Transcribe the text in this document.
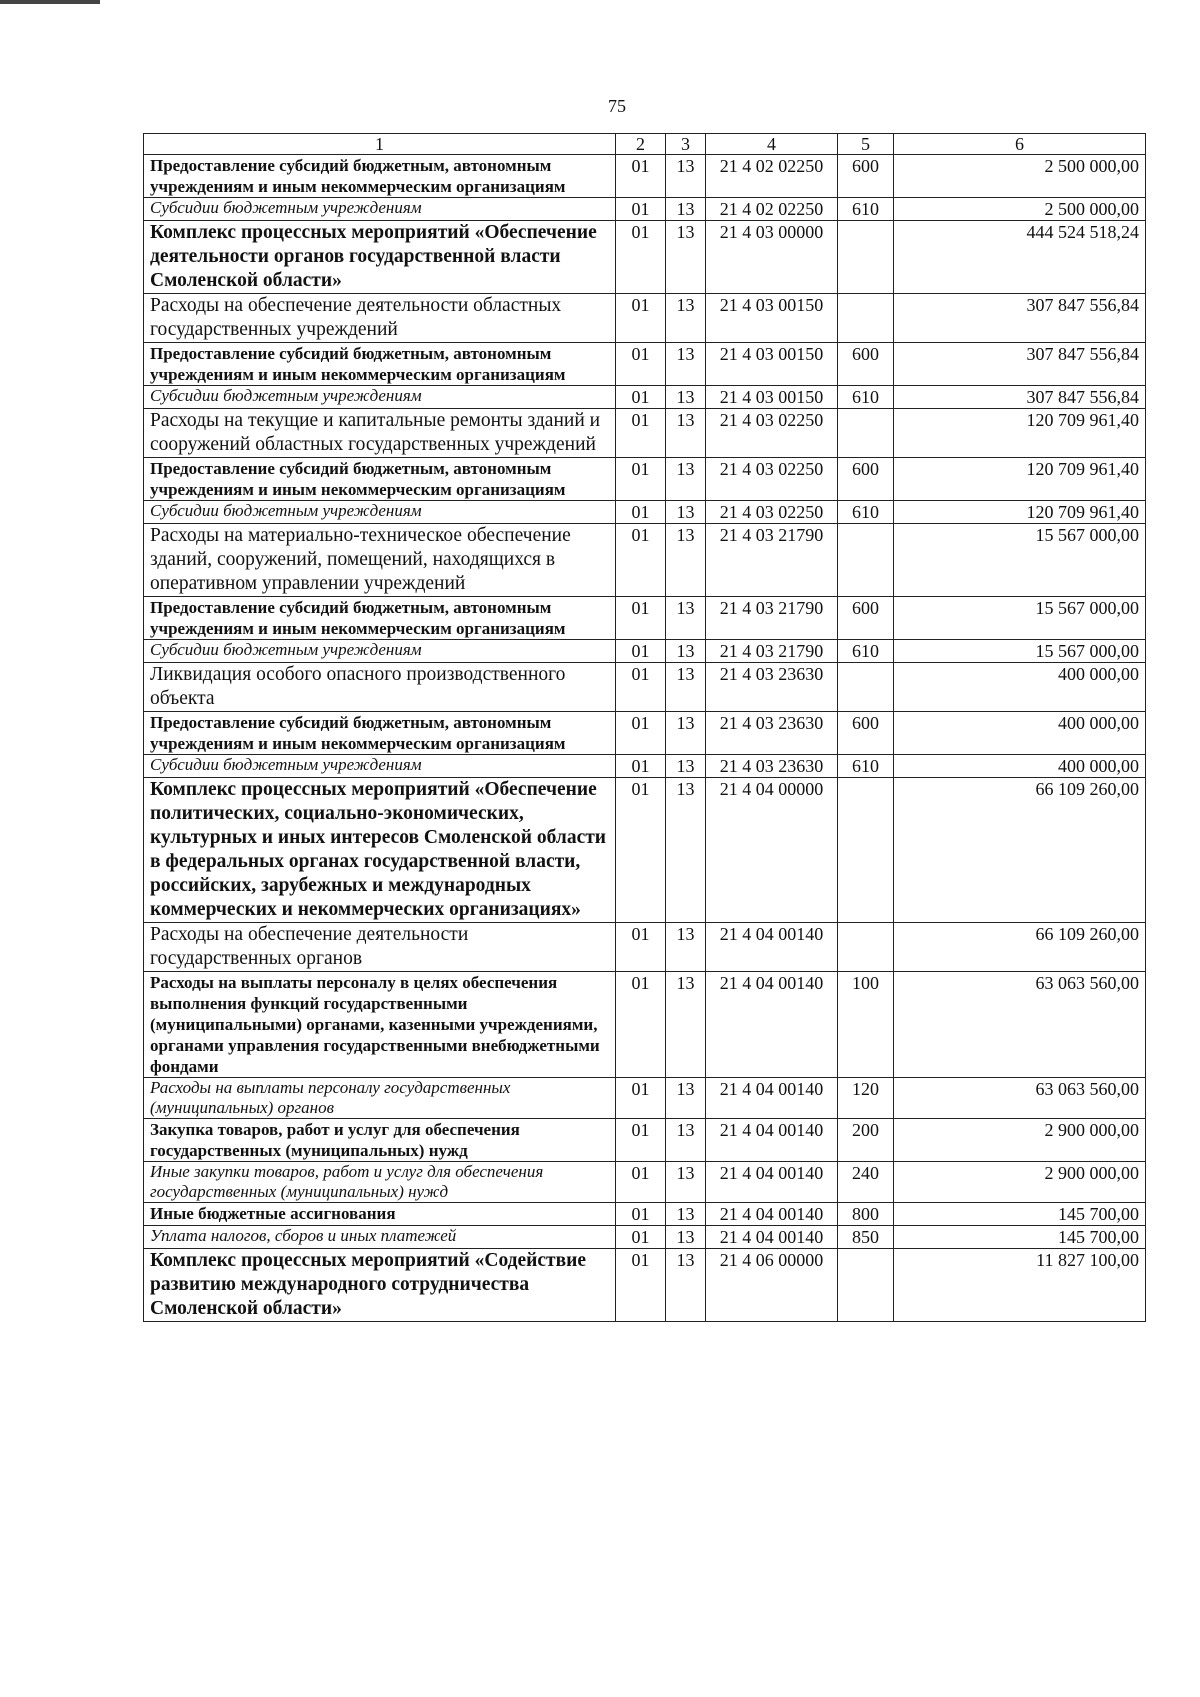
75
1	2	3	4	5	6
Предоставление субсидий бюджетным, автономным учреждениям и иным некоммерческим организациям	01	13	21 4 02 02250	600	2 500 000,00
Субсидии бюджетным учреждениям	01	13	21 4 02 02250	610	2 500 000,00
Комплекс процессных мероприятий «Обеспечение деятельности органов государственной власти Смоленской области»	01	13	21 4 03 00000		444 524 518,24
Расходы на обеспечение деятельности областных государственных учреждений	01	13	21 4 03 00150		307 847 556,84
Предоставление субсидий бюджетным, автономным учреждениям и иным некоммерческим организациям	01	13	21 4 03 00150	600	307 847 556,84
Субсидии бюджетным учреждениям	01	13	21 4 03 00150	610	307 847 556,84
Расходы на текущие и капитальные ремонты зданий и сооружений областных государственных учреждений	01	13	21 4 03 02250		120 709 961,40
Предоставление субсидий бюджетным, автономным учреждениям и иным некоммерческим организациям	01	13	21 4 03 02250	600	120 709 961,40
Субсидии бюджетным учреждениям	01	13	21 4 03 02250	610	120 709 961,40
Расходы на материально-техническое обеспечение зданий, сооружений, помещений, находящихся в оперативном управлении учреждений	01	13	21 4 03 21790		15 567 000,00
Предоставление субсидий бюджетным, автономным учреждениям и иным некоммерческим организациям	01	13	21 4 03 21790	600	15 567 000,00
Субсидии бюджетным учреждениям	01	13	21 4 03 21790	610	15 567 000,00
Ликвидация особого опасного производственного объекта	01	13	21 4 03 23630		400 000,00
Предоставление субсидий бюджетным, автономным учреждениям и иным некоммерческим организациям	01	13	21 4 03 23630	600	400 000,00
Субсидии бюджетным учреждениям	01	13	21 4 03 23630	610	400 000,00
Комплекс процессных мероприятий «Обеспечение политических, социально-экономических, культурных и иных интересов Смоленской области в федеральных органах государственной власти, российских, зарубежных и международных коммерческих и некоммерческих организациях»	01	13	21 4 04 00000		66 109 260,00
Расходы на обеспечение деятельности государственных органов	01	13	21 4 04 00140		66 109 260,00
Расходы на выплаты персоналу в целях обеспечения выполнения функций государственными (муниципальными) органами, казенными учреждениями, органами управления государственными внебюджетными фондами	01	13	21 4 04 00140	100	63 063 560,00
Расходы на выплаты персоналу государственных (муниципальных) органов	01	13	21 4 04 00140	120	63 063 560,00
Закупка товаров, работ и услуг для обеспечения государственных (муниципальных) нужд	01	13	21 4 04 00140	200	2 900 000,00
Иные закупки товаров, работ и услуг для обеспечения государственных (муниципальных) нужд	01	13	21 4 04 00140	240	2 900 000,00
Иные бюджетные ассигнования	01	13	21 4 04 00140	800	145 700,00
Уплата налогов, сборов и иных платежей	01	13	21 4 04 00140	850	145 700,00
Комплекс процессных мероприятий «Содействие развитию международного сотрудничества Смоленской области»	01	13	21 4 06 00000		11 827 100,00
